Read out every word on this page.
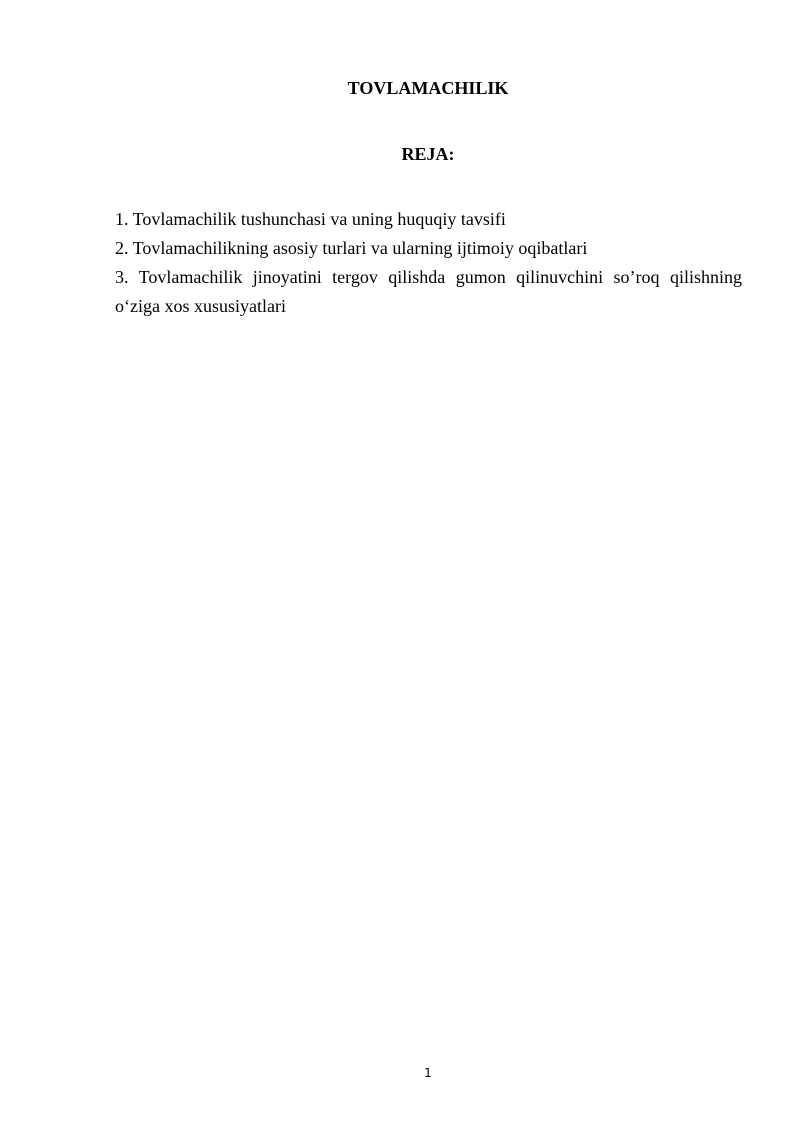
TOVLAMACHILIK
REJA:
1. Tovlamachilik tushunchasi va uning huquqiy tavsifi
2. Tovlamachilikning asosiy turlari va ularning ijtimoiy oqibatlari
3. Tovlamachilik jinoyatini tergov qilishda gumon qilinuvchini so’roq qilishning o‘ziga xos xususiyatlari
1
